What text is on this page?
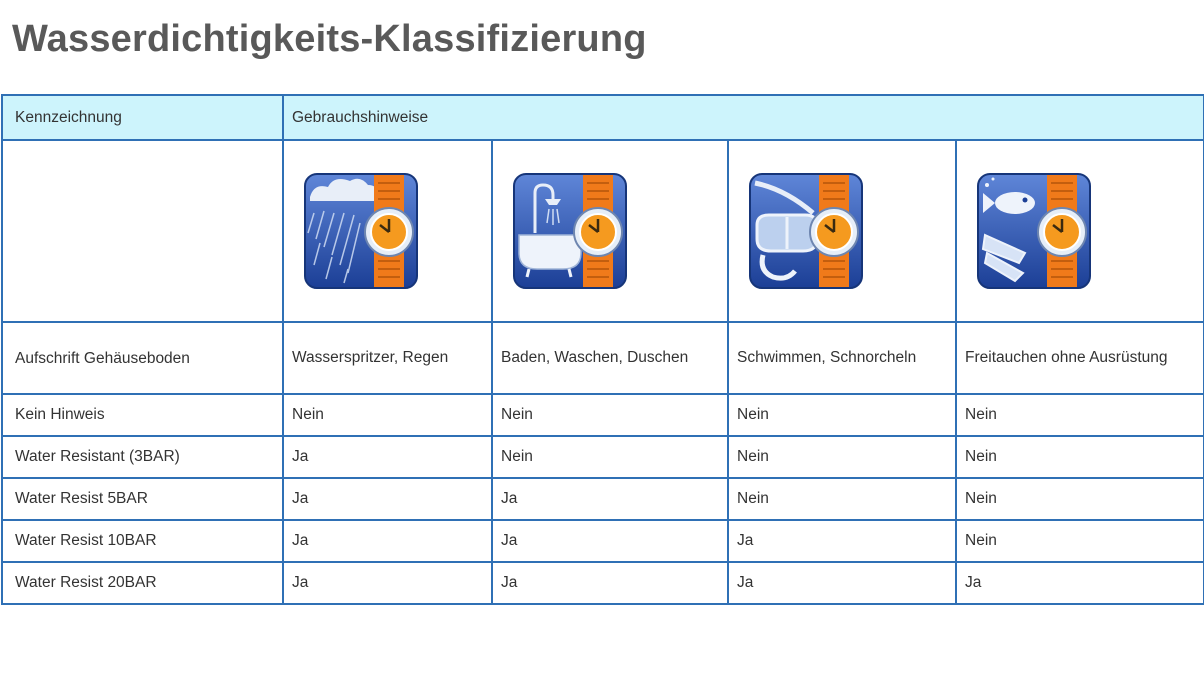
Wasserdichtigkeits-Klassifizierung
Kennzeichnung	Gebrauchshinweise			

Aufschrift Gehäuseboden	Wasserspritzer, Regen	Baden, Waschen, Duschen	Schwimmen, Schnorcheln	Freitauchen ohne Ausrüstung
Kein Hinweis	Nein	Nein	Nein	Nein
Water Resistant (3BAR)	Ja	Nein	Nein	Nein
Water Resist 5BAR	Ja	Ja	Nein	Nein
Water Resist 10BAR	Ja	Ja	Ja	Nein
Water Resist 20BAR	Ja	Ja	Ja	Ja
